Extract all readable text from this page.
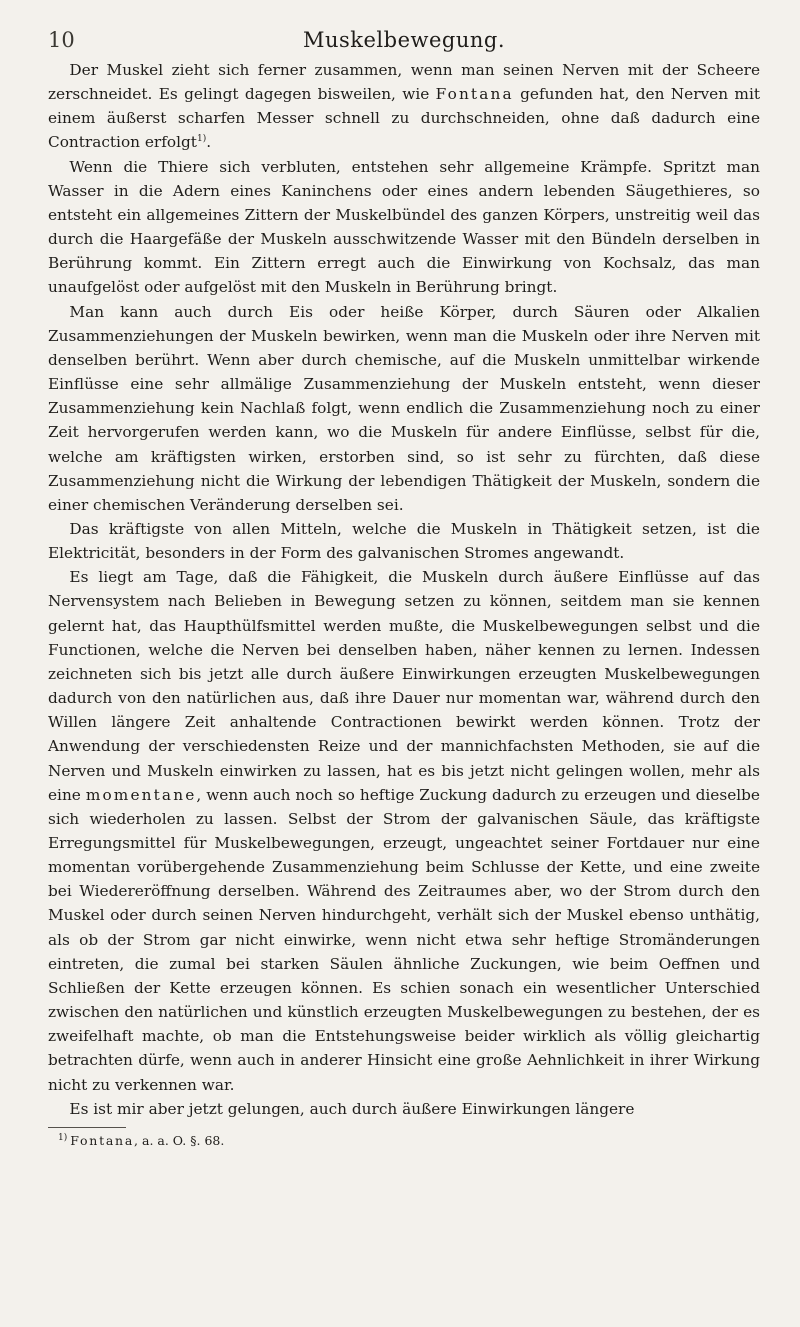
10	Muskelbewegung.

Der Muskel zieht sich ferner zusammen, wenn man seinen Nerven mit der Scheere zerschneidet. Es gelingt dagegen bisweilen, wie Fontana gefunden hat, den Nerven mit einem äußerst scharfen Messer schnell zu durchschneiden, ohne daß dadurch eine Contraction erfolgt$^{1)}$.

Wenn die Thiere sich verbluten, entstehen sehr allgemeine Krämpfe. Spritzt man Wasser in die Adern eines Kaninchens oder eines andern lebenden Säugethieres, so entsteht ein allgemeines Zittern der Muskelbündel des ganzen Körpers, unstreitig weil das durch die Haargefäße der Muskeln ausschwitzende Wasser mit den Bündeln derselben in Berührung kommt. Ein Zittern erregt auch die Einwirkung von Kochsalz, das man unaufgelöst oder aufgelöst mit den Muskeln in Berührung bringt.

Man kann auch durch Eis oder heiße Körper, durch Säuren oder Alkalien Zusammenziehungen der Muskeln bewirken, wenn man die Muskeln oder ihre Nerven mit denselben berührt. Wenn aber durch chemische, auf die Muskeln unmittelbar wirkende Einflüsse eine sehr allmälige Zusammenziehung der Muskeln entsteht, wenn dieser Zusammenziehung kein Nachlaß folgt, wenn endlich die Zusammenziehung noch zu einer Zeit hervorgerufen werden kann, wo die Muskeln für andere Einflüsse, selbst für die, welche am kräftigsten wirken, erstorben sind, so ist sehr zu fürchten, daß diese Zusammenziehung nicht die Wirkung der lebendigen Thätigkeit der Muskeln, sondern die einer chemischen Veränderung derselben sei.

Das kräftigste von allen Mitteln, welche die Muskeln in Thätigkeit setzen, ist die Elektricität, besonders in der Form des galvanischen Stromes angewandt.

Es liegt am Tage, daß die Fähigkeit, die Muskeln durch äußere Einflüsse auf das Nervensystem nach Belieben in Bewegung setzen zu können, seitdem man sie kennen gelernt hat, das Haupthülfsmittel werden mußte, die Muskelbewegungen selbst und die Functionen, welche die Nerven bei denselben haben, näher kennen zu lernen. Indessen zeichneten sich bis jetzt alle durch äußere Einwirkungen erzeugten Muskelbewegungen dadurch von den natürlichen aus, daß ihre Dauer nur momentan war, während durch den Willen längere Zeit anhaltende Contractionen bewirkt werden können. Trotz der Anwendung der verschiedensten Reize und der mannichfachsten Methoden, sie auf die Nerven und Muskeln einwirken zu lassen, hat es bis jetzt nicht gelingen wollen, mehr als eine momentane, wenn auch noch so heftige Zuckung dadurch zu erzeugen und dieselbe sich wiederholen zu lassen. Selbst der Strom der galvanischen Säule, das kräftigste Erregungsmittel für Muskelbewegungen, erzeugt, ungeachtet seiner Fortdauer nur eine momentan vorübergehende Zusammenziehung beim Schlusse der Kette, und eine zweite bei Wiedereröffnung derselben. Während des Zeitraumes aber, wo der Strom durch den Muskel oder durch seinen Nerven hindurchgeht, verhält sich der Muskel ebenso unthätig, als ob der Strom gar nicht einwirke, wenn nicht etwa sehr heftige Stromänderungen eintreten, die zumal bei starken Säulen ähnliche Zuckungen, wie beim Oeffnen und Schließen der Kette erzeugen können. Es schien sonach ein wesentlicher Unterschied zwischen den natürlichen und künstlich erzeugten Muskelbewegungen zu bestehen, der es zweifelhaft machte, ob man die Entstehungsweise beider wirklich als völlig gleichartig betrachten dürfe, wenn auch in anderer Hinsicht eine große Aehnlichkeit in ihrer Wirkung nicht zu verkennen war.

Es ist mir aber jetzt gelungen, auch durch äußere Einwirkungen längere

$^{1)}$ Fontana, a. a. O. §. 68.
